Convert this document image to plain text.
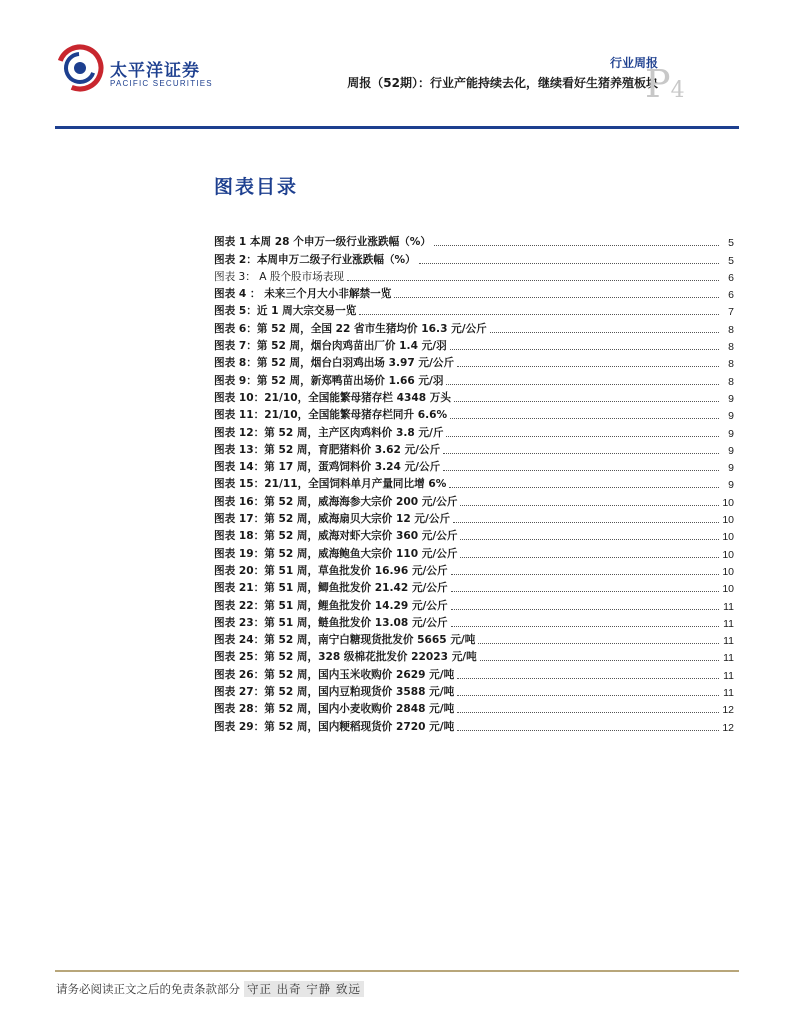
太平洋证券
PACIFIC SECURITIES
行业周报
周报（52期）：行业产能持续去化，继续看好生猪养殖板块
P4
图表目录
图表 1 本周 28 个申万一级行业涨跌幅（%）	5
图表 2：本周申万二级子行业涨跌幅（%）	5
图表 3： A 股个股市场表现	6
图表 4 ： 未来三个月大小非解禁一览	6
图表 5：近 1 周大宗交易一览	7
图表 6：第 52 周，全国 22 省市生猪均价 16.3 元/公斤	8
图表 7：第 52 周，烟台肉鸡苗出厂价 1.4 元/羽	8
图表 8：第 52 周，烟台白羽鸡出场 3.97 元/公斤	8
图表 9：第 52 周，新郑鸭苗出场价 1.66 元/羽	8
图表 10：21/10，全国能繁母猪存栏 4348 万头	9
图表 11：21/10，全国能繁母猪存栏同升 6.6%	9
图表 12：第 52 周，主产区肉鸡料价 3.8 元/斤	9
图表 13：第 52 周，育肥猪料价 3.62 元/公斤	9
图表 14：第 17 周，蛋鸡饲料价 3.24 元/公斤	9
图表 15：21/11，全国饲料单月产量同比增 6%	9
图表 16：第 52 周，威海海参大宗价 200 元/公斤	10
图表 17：第 52 周，威海扇贝大宗价 12 元/公斤	10
图表 18：第 52 周，威海对虾大宗价 360 元/公斤	10
图表 19：第 52 周，威海鲍鱼大宗价 110 元/公斤	10
图表 20：第 51 周，草鱼批发价 16.96 元/公斤	10
图表 21：第 51 周，鲫鱼批发价 21.42 元/公斤	10
图表 22：第 51 周，鲤鱼批发价 14.29 元/公斤	11
图表 23：第 51 周，鲢鱼批发价 13.08 元/公斤	11
图表 24：第 52 周，南宁白糖现货批发价 5665 元/吨	11
图表 25：第 52 周，328 级棉花批发价 22023 元/吨	11
图表 26：第 52 周，国内玉米收购价 2629 元/吨	11
图表 27：第 52 周，国内豆粕现货价 3588 元/吨	11
图表 28：第 52 周，国内小麦收购价 2848 元/吨	12
图表 29：第 52 周，国内粳稻现货价 2720 元/吨	12
请务必阅读正文之后的免责条款部分 守正 出奇 宁静 致远
